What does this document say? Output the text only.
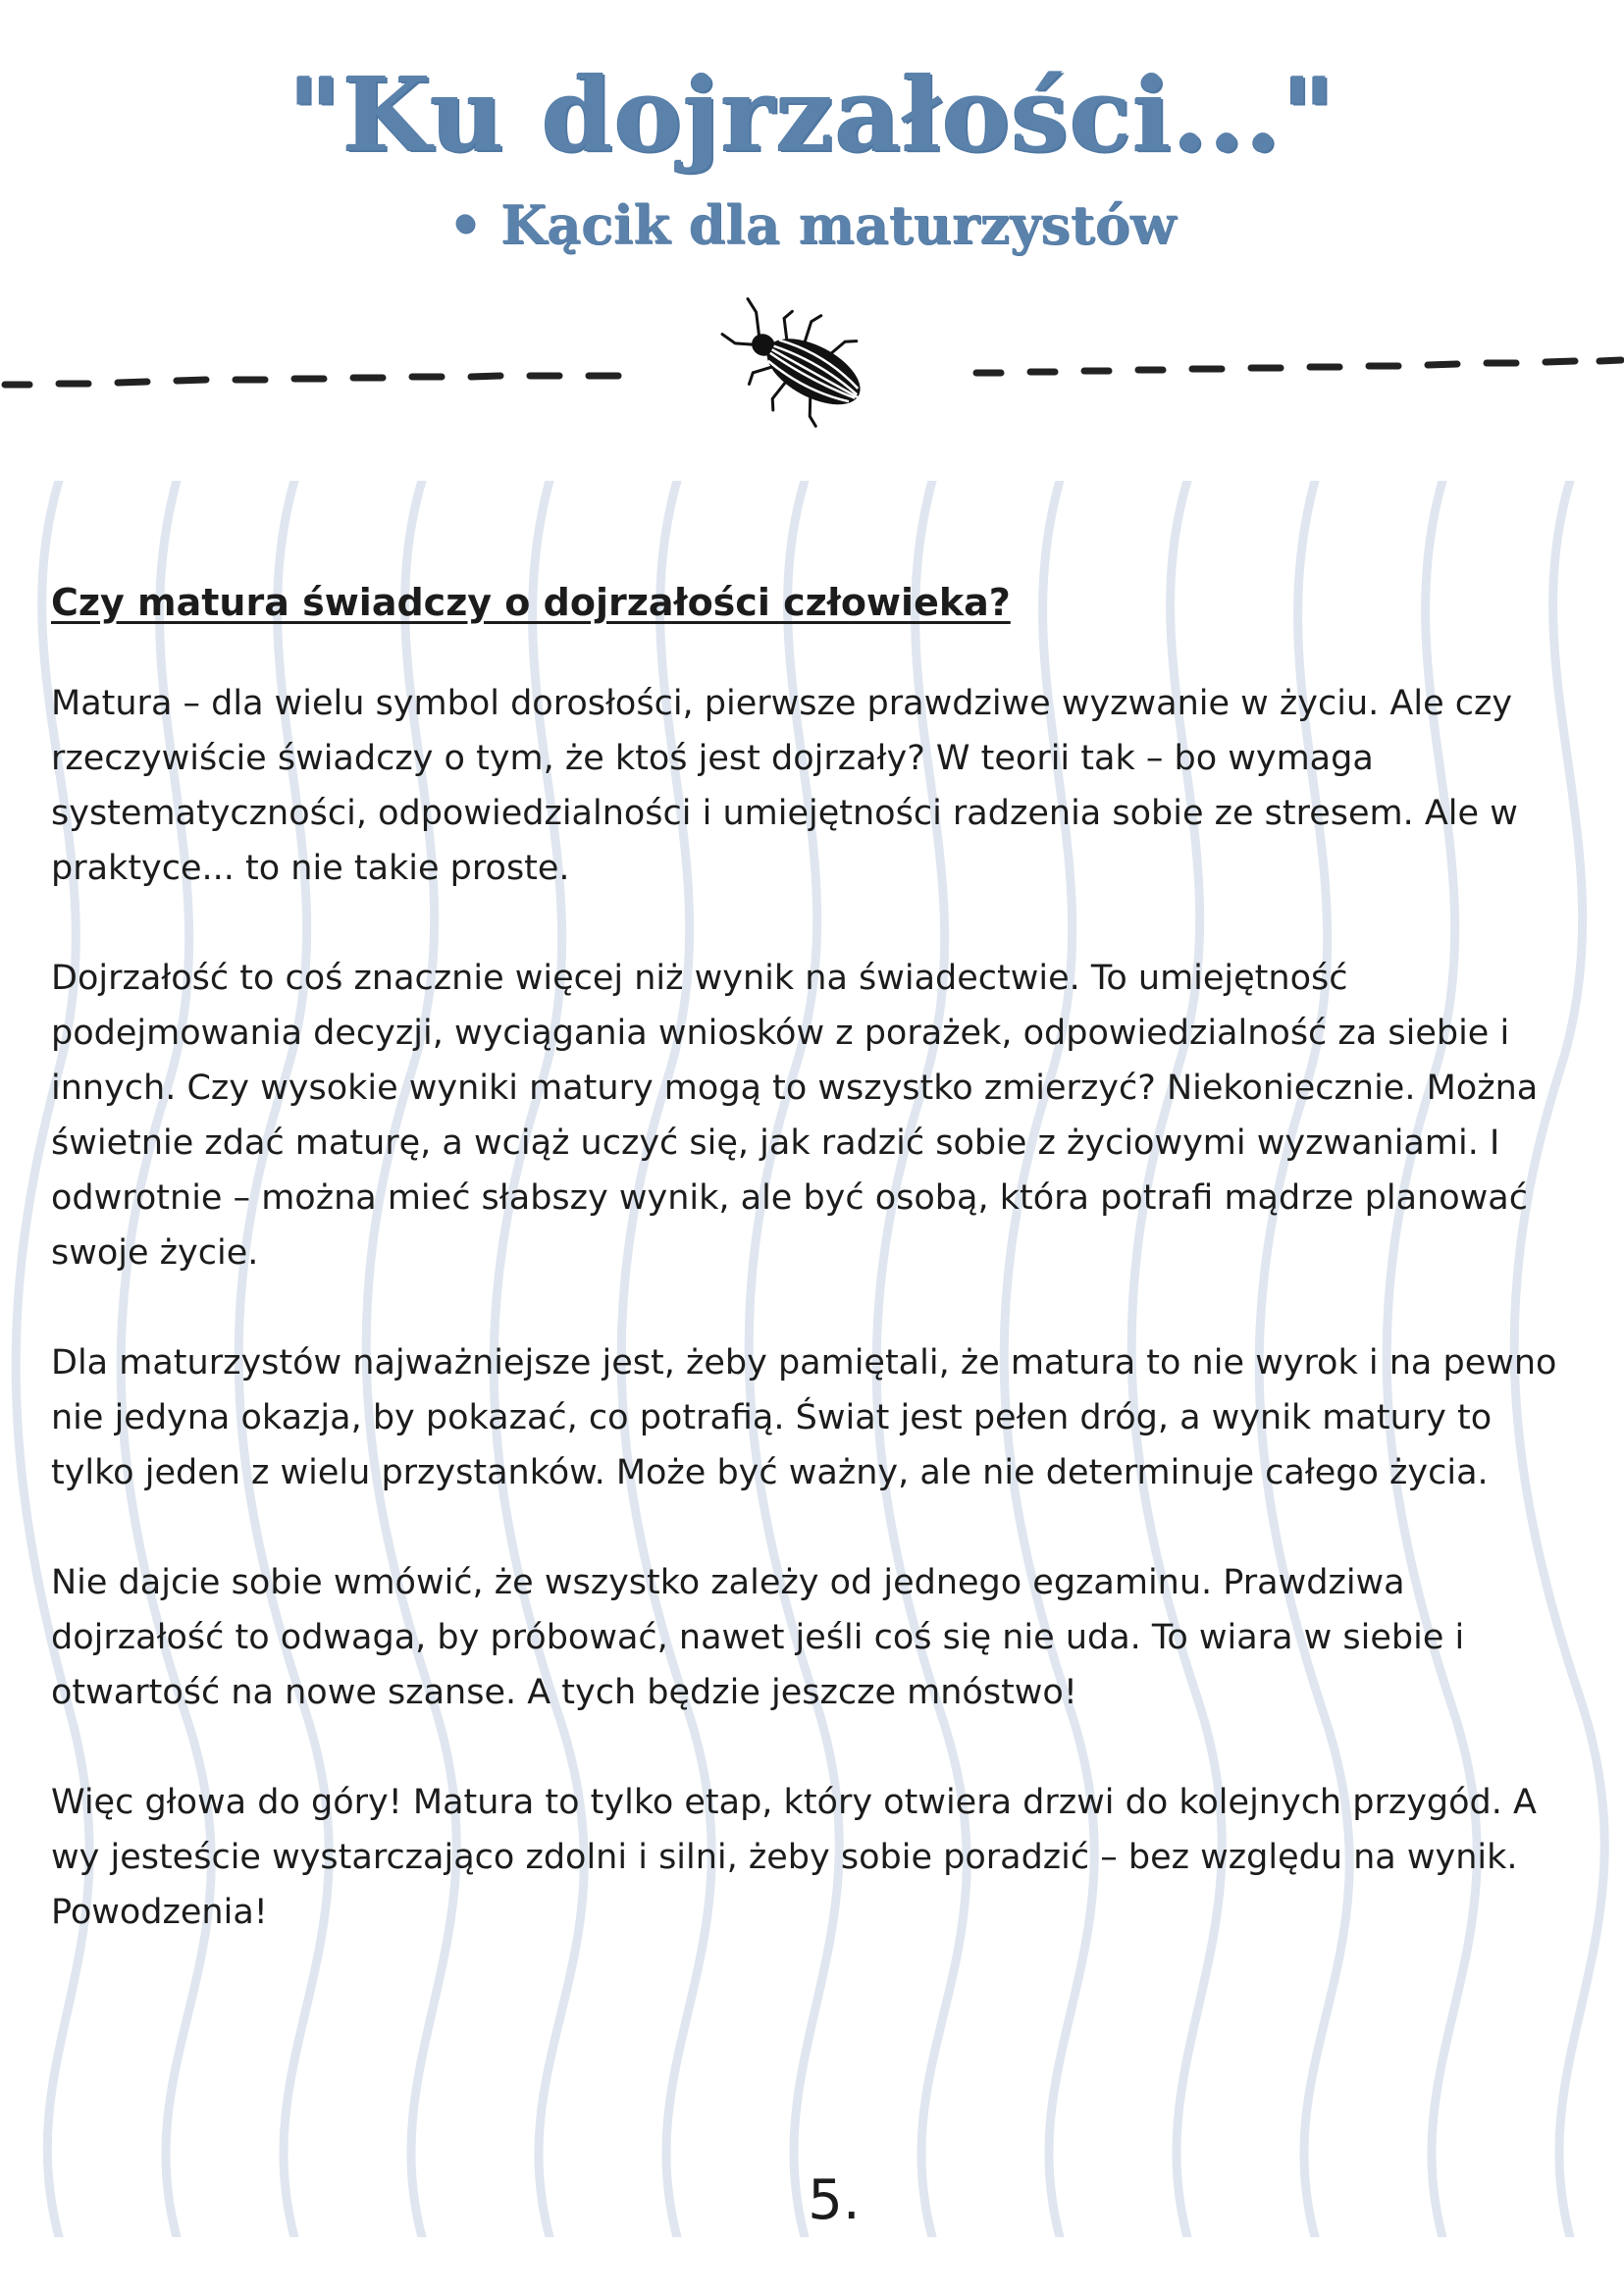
"Ku dojrzałości..."
• Kącik dla maturzystów
Czy matura świadczy o dojrzałości człowieka?

Matura – dla wielu symbol dorosłości, pierwsze prawdziwe wyzwanie w życiu. Ale czy rzeczywiście świadczy o tym, że ktoś jest dojrzały? W teorii tak – bo wymaga systematyczności, odpowiedzialności i umiejętności radzenia sobie ze stresem. Ale w praktyce... to nie takie proste.

Dojrzałość to coś znacznie więcej niż wynik na świadectwie. To umiejętność podejmowania decyzji, wyciągania wniosków z porażek, odpowiedzialność za siebie i innych. Czy wysokie wyniki matury mogą to wszystko zmierzyć? Niekoniecznie. Można świetnie zdać maturę, a wciąż uczyć się, jak radzić sobie z życiowymi wyzwaniami. I odwrotnie – można mieć słabszy wynik, ale być osobą, która potrafi mądrze planować swoje życie.

Dla maturzystów najważniejsze jest, żeby pamiętali, że matura to nie wyrok i na pewno nie jedyna okazja, by pokazać, co potrafią. Świat jest pełen dróg, a wynik matury to tylko jeden z wielu przystanków. Może być ważny, ale nie determinuje całego życia.

Nie dajcie sobie wmówić, że wszystko zależy od jednego egzaminu. Prawdziwa dojrzałość to odwaga, by próbować, nawet jeśli coś się nie uda. To wiara w siebie i otwartość na nowe szanse. A tych będzie jeszcze mnóstwo!

Więc głowa do góry! Matura to tylko etap, który otwiera drzwi do kolejnych przygód. A wy jesteście wystarczająco zdolni i silni, żeby sobie poradzić – bez względu na wynik. Powodzenia!

5.
